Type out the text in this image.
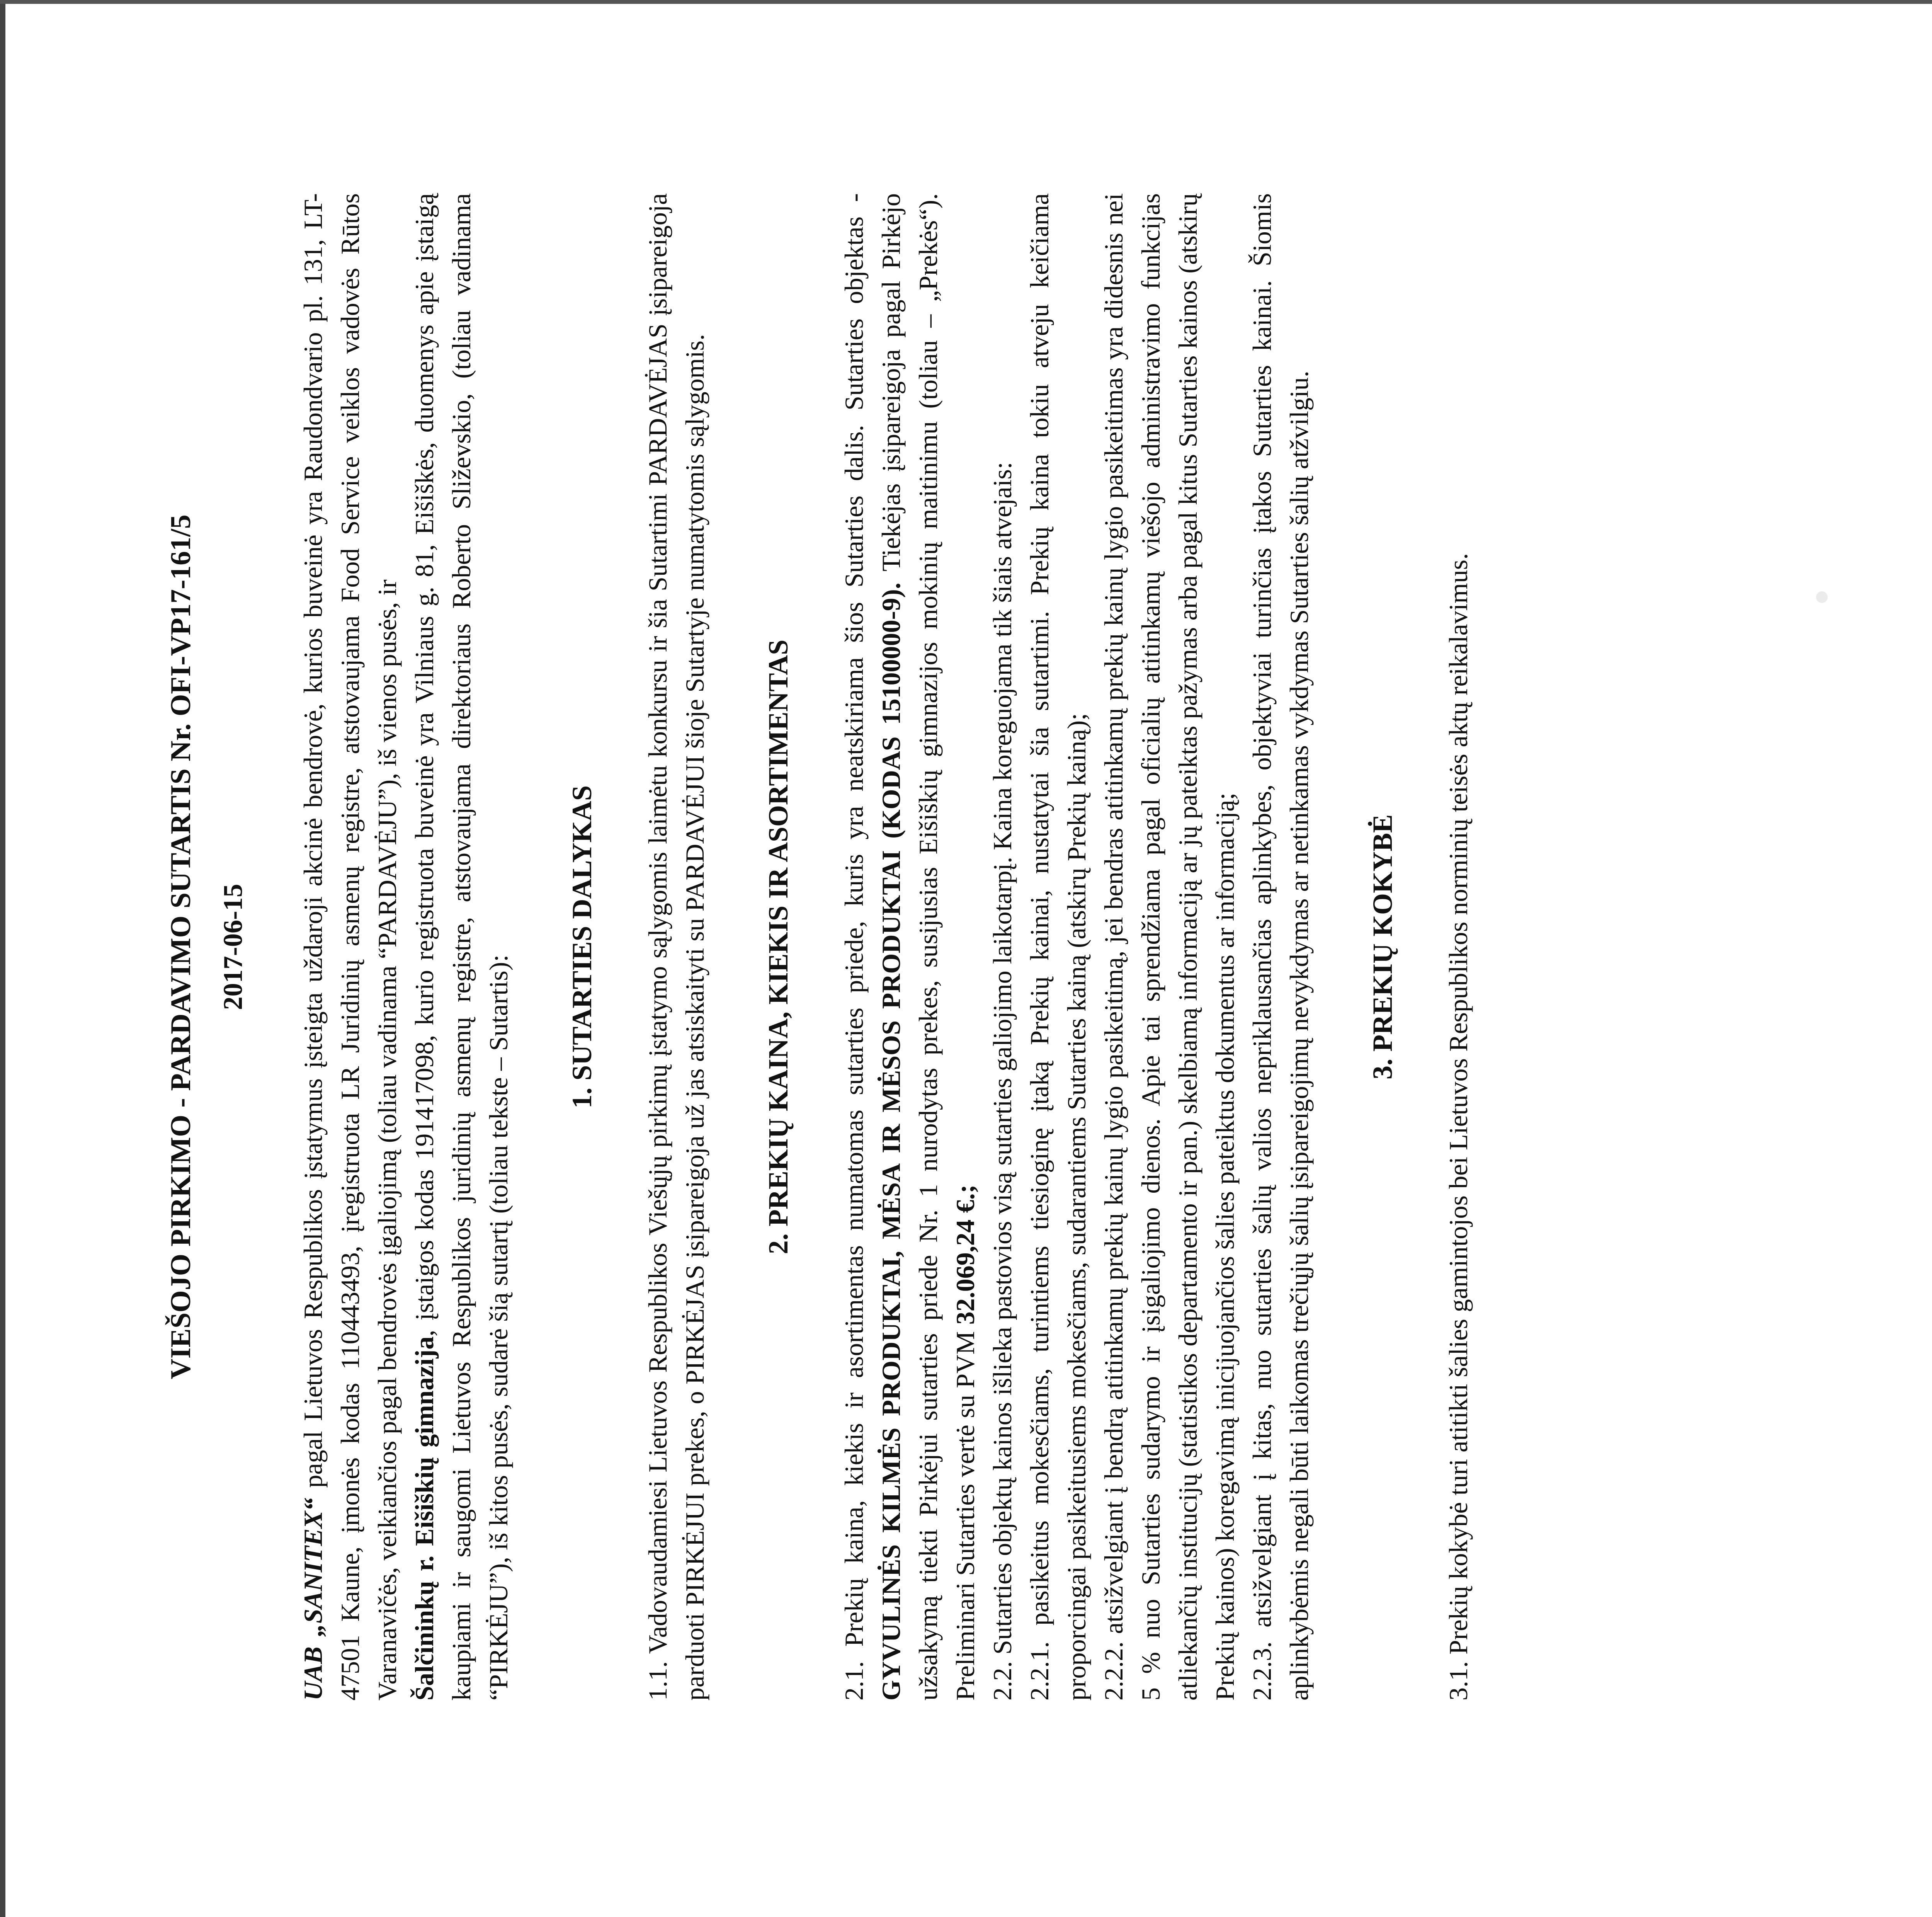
VIEŠOJO PIRKIMO - PARDAVIMO SUTARTIS Nr. OFI-VP17-161/5 2017-06-15

UAB „SANITEX“ pagal Lietuvos Respublikos įstatymus įsteigta uždaroji akcinė bendrovė, kurios buveinė yra Raudondvario pl. 131, LT-47501 Kaune, įmonės kodas 110443493, įregistruota LR Juridinių asmenų registre, atstovaujama Food Service veiklos vadovės Rūtos Varanavičės, veikiančios pagal bendrovės įgaliojimą (toliau vadinama “PARDAVĖJU”), iš vienos pusės, ir Šalčininkų r. Eišiškių gimnazija, įstaigos kodas 191417098, kurio registruota buveinė yra Vilniaus g. 81, Eišiškės, duomenys apie įstaigą kaupiami ir saugomi Lietuvos Respublikos juridinių asmenų registre, atstovaujama direktoriaus Roberto Sliževskio, (toliau vadinama “PIRKĖJU”), iš kitos pusės, sudarė šią sutartį (toliau tekste – Sutartis):

1. SUTARTIES DALYKAS 1.1. Vadovaudamiesi Lietuvos Respublikos Viešųjų pirkimų įstatymo sąlygomis laimėtu konkursu ir šia Sutartimi PARDAVĖJAS įsipareigoja parduoti PIRKĖJUI prekes, o PIRKĖJAS įsipareigoja už jas atsiskaityti su PARDAVĖJUI šioje Sutartyje numatytomis sąlygomis. 2. PREKIŲ KAINA, KIEKIS IR ASORTIMENTAS 2.1. Prekių kaina, kiekis ir asortimentas numatomas sutarties priede, kuris yra neatskiriama šios Sutarties dalis. Sutarties objektas - GYVULINĖS KILMĖS PRODUKTAI, MĖSA IR MĖSOS PRODUKTAI (KODAS 15100000-9). Tiekėjas įsipareigoja pagal Pirkėjo užsakymą tiekti Pirkėjui sutarties priede Nr. 1 nurodytas prekes, susijusias Eišiškių gimnazijos mokinių maitinimu (toliau – „Prekės“). Preliminari Sutarties vertė su PVM 32.069,24 €.; 2.2. Sutarties objektų kainos išlieka pastovios visą sutarties galiojimo laikotarpį. Kaina koreguojama tik šiais atvejais: 2.2.1. pasikeitus mokesčiams, turintiems tiesioginę įtaką Prekių kainai, nustatytai šia sutartimi. Prekių kaina tokiu atveju keičiama proporcingai pasikeitusiems mokesčiams, sudarantiems Sutarties kainą (atskirų Prekių kainą); 2.2.2. atsižvelgiant į bendrą atitinkamų prekių kainų lygio pasikeitimą, jei bendras atitinkamų prekių kainų lygio pasikeitimas yra didesnis nei 5 % nuo Sutarties sudarymo ir įsigaliojimo dienos. Apie tai sprendžiama pagal oficialių atitinkamų viešojo administravimo funkcijas atliekančių institucijų (statistikos departamento ir pan.) skelbiamą informaciją ar jų pateiktas pažymas arba pagal kitus Sutarties kainos (atskirų Prekių kainos) koregavimą inicijuojančios šalies pateiktus dokumentus ar informaciją; 2.2.3. atsižvelgiant į kitas, nuo sutarties šalių valios nepriklausančias aplinkybes, objektyviai turinčias įtakos Sutarties kainai. Šiomis aplinkybėmis negali būti laikomas trečiųjų šalių įsipareigojimų nevykdymas ar netinkamas vykdymas Sutarties šalių atžvilgiu. 3. PREKIŲ KOKYBĖ 3.1. Prekių kokybė turi atitikti šalies gamintojos bei Lietuvos Respublikos norminių teisės aktų reikalavimus.
